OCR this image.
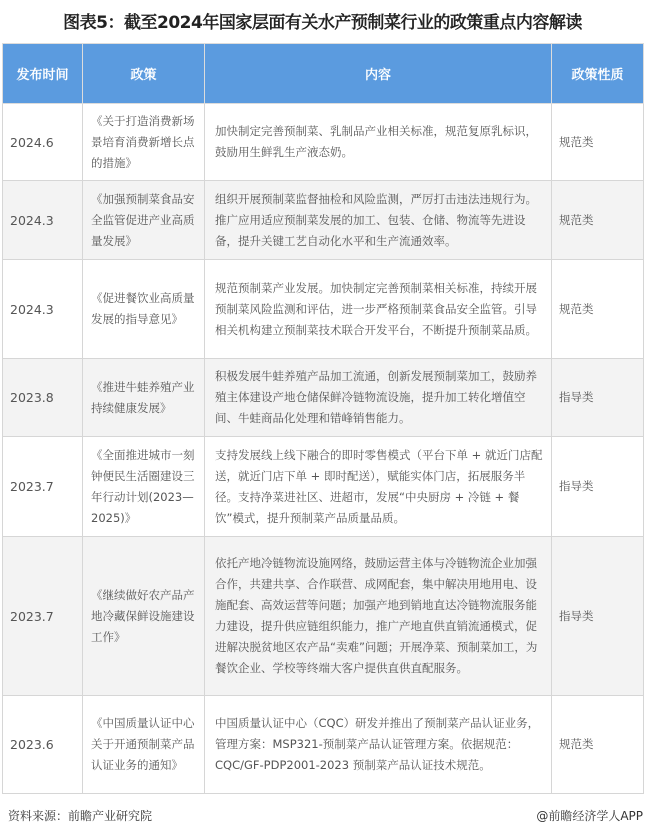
图表5：截至2024年国家层面有关水产预制菜行业的政策重点内容解读
发布时间	政策	内容	政策性质
2024.6	《关于打造消费新场景培育消费新增长点的措施》	加快制定完善预制菜、乳制品产业相关标准，规范复原乳标识，鼓励用生鲜乳生产液态奶。	规范类
2024.3	《加强预制菜食品安全监管促进产业高质量发展》	组织开展预制菜监督抽检和风险监测，严厉打击违法违规行为。推广应用适应预制菜发展的加工、包装、仓储、物流等先进设备，提升关键工艺自动化水平和生产流通效率。	规范类
2024.3	《促进餐饮业高质量发展的指导意见》	规范预制菜产业发展。加快制定完善预制菜相关标准，持续开展预制菜风险监测和评估，进一步严格预制菜食品安全监管。引导相关机构建立预制菜技术联合开发平台，不断提升预制菜品质。	规范类
2023.8	《推进牛蛙养殖产业持续健康发展》	积极发展牛蛙养殖产品加工流通，创新发展预制菜加工，鼓励养殖主体建设产地仓储保鲜冷链物流设施，提升加工转化增值空间、牛蛙商品化处理和错峰销售能力。	指导类
2023.7	《全面推进城市一刻钟便民生活圈建设三年行动计划(2023—2025)》	支持发展线上线下融合的即时零售模式（平台下单 + 就近门店配送，就近门店下单 + 即时配送），赋能实体门店，拓展服务半径。支持净菜进社区、进超市，发展“中央厨房 + 冷链 + 餐饮”模式，提升预制菜产品质量品质。	指导类
2023.7	《继续做好农产品产地冷藏保鲜设施建设工作》	依托产地冷链物流设施网络，鼓励运营主体与冷链物流企业加强合作，共建共享、合作联营、成网配套，集中解决用地用电、设施配套、高效运营等问题；加强产地到销地直达冷链物流服务能力建设，提升供应链组织能力，推广产地直供直销流通模式，促进解决脱贫地区农产品“卖难”问题；开展净菜、预制菜加工，为餐饮企业、学校等终端大客户提供直供直配服务。	指导类
2023.6	《中国质量认证中心关于开通预制菜产品认证业务的通知》	中国质量认证中心（CQC）研发并推出了预制菜产品认证业务，管理方案：MSP321-预制菜产品认证管理方案。依据规范：CQC/GF-PDP2001-2023 预制菜产品认证技术规范。	规范类
资料来源：前瞻产业研究院	@前瞻经济学人APP
